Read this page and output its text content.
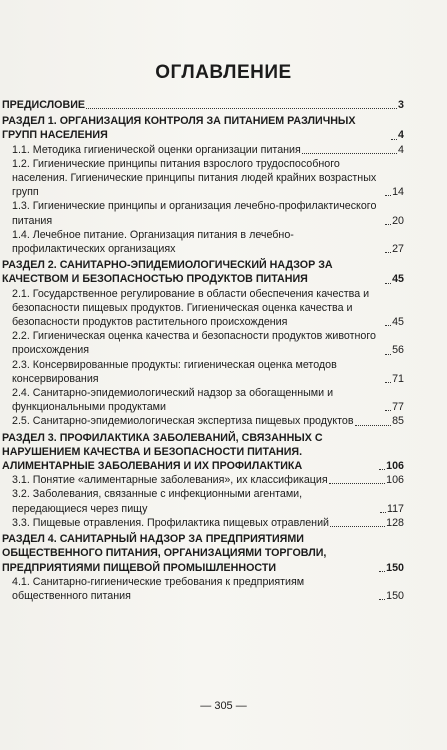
ОГЛАВЛЕНИЕ
ПРЕДИСЛОВИЕ	3
РАЗДЕЛ 1. ОРГАНИЗАЦИЯ КОНТРОЛЯ ЗА ПИТАНИЕМ РАЗЛИЧНЫХ ГРУПП НАСЕЛЕНИЯ	4
1.1. Методика гигиенической оценки организации питания	4
1.2. Гигиенические принципы питания взрослого трудоспособного населения. Гигиенические принципы питания людей крайних возрастных групп	14
1.3. Гигиенические принципы и организация лечебно-профилактического питания	20
1.4. Лечебное питание. Организация питания в лечебно-профилактических организациях	27
РАЗДЕЛ 2. САНИТАРНО-ЭПИДЕМИОЛОГИЧЕСКИЙ НАДЗОР ЗА КАЧЕСТВОМ И БЕЗОПАСНОСТЬЮ ПРОДУКТОВ ПИТАНИЯ	45
2.1. Государственное регулирование в области обеспечения качества и безопасности пищевых продуктов. Гигиеническая оценка качества и безопасности продуктов растительного происхождения	45
2.2. Гигиеническая оценка качества и безопасности продуктов животного происхождения	56
2.3. Консервированные продукты: гигиеническая оценка методов консервирования	71
2.4. Санитарно-эпидемиологический надзор за обогащенными и функциональными продуктами	77
2.5. Санитарно-эпидемиологическая экспертиза пищевых продуктов	85
РАЗДЕЛ 3. ПРОФИЛАКТИКА ЗАБОЛЕВАНИЙ, СВЯЗАННЫХ С НАРУШЕНИЕМ КАЧЕСТВА И БЕЗОПАСНОСТИ ПИТАНИЯ. АЛИМЕНТАРНЫЕ ЗАБОЛЕВАНИЯ И ИХ ПРОФИЛАКТИКА	106
3.1. Понятие «алиментарные заболевания», их классификация	106
3.2. Заболевания, связанные с инфекционными агентами, передающиеся через пищу	117
3.3. Пищевые отравления. Профилактика пищевых отравлений	128
РАЗДЕЛ 4. САНИТАРНЫЙ НАДЗОР ЗА ПРЕДПРИЯТИЯМИ ОБЩЕСТВЕННОГО ПИТАНИЯ, ОРГАНИЗАЦИЯМИ ТОРГОВЛИ, ПРЕДПРИЯТИЯМИ ПИЩЕВОЙ ПРОМЫШЛЕННОСТИ	150
4.1. Санитарно-гигиенические требования к предприятиям общественного питания	150
— 305 —
